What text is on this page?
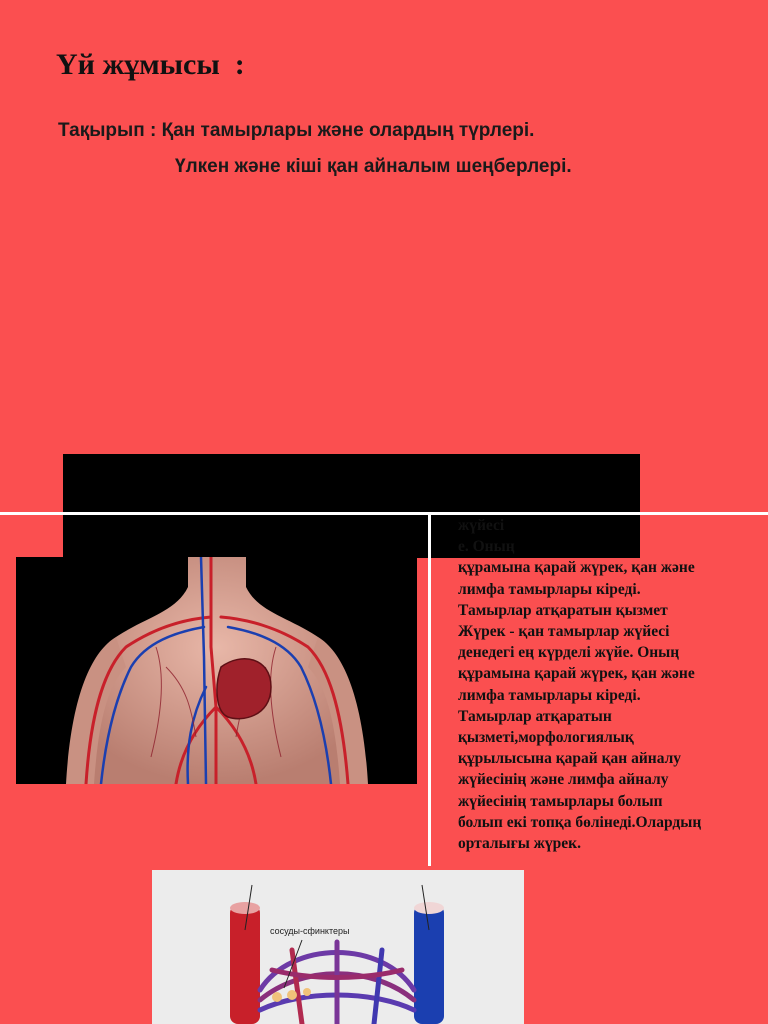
Үй жұмысы  :
Тақырып : Қан тамырлары және олардың түрлері.
Үлкен және кіші қан айналым шеңберлері.
жүйесі
е. Оның
құрамына қарай жүрек, қан және
лимфа тамырлары кіреді.
Тамырлар атқаратын қызмет
Жүрек - қан тамырлар жүйесі
денедегі ең күрделі жүйе. Оның
құрамына қарай жүрек, қан және
лимфа тамырлары кіреді.
Тамырлар атқаратын
қызметі,морфологиялық
құрылысына қарай қан айналу
жүйесінің және лимфа айналу
жүйесінің тамырлары болып
болып екі топқа бөлінеді.Олардың
орталығы жүрек.
сосуды-сфинктеры
